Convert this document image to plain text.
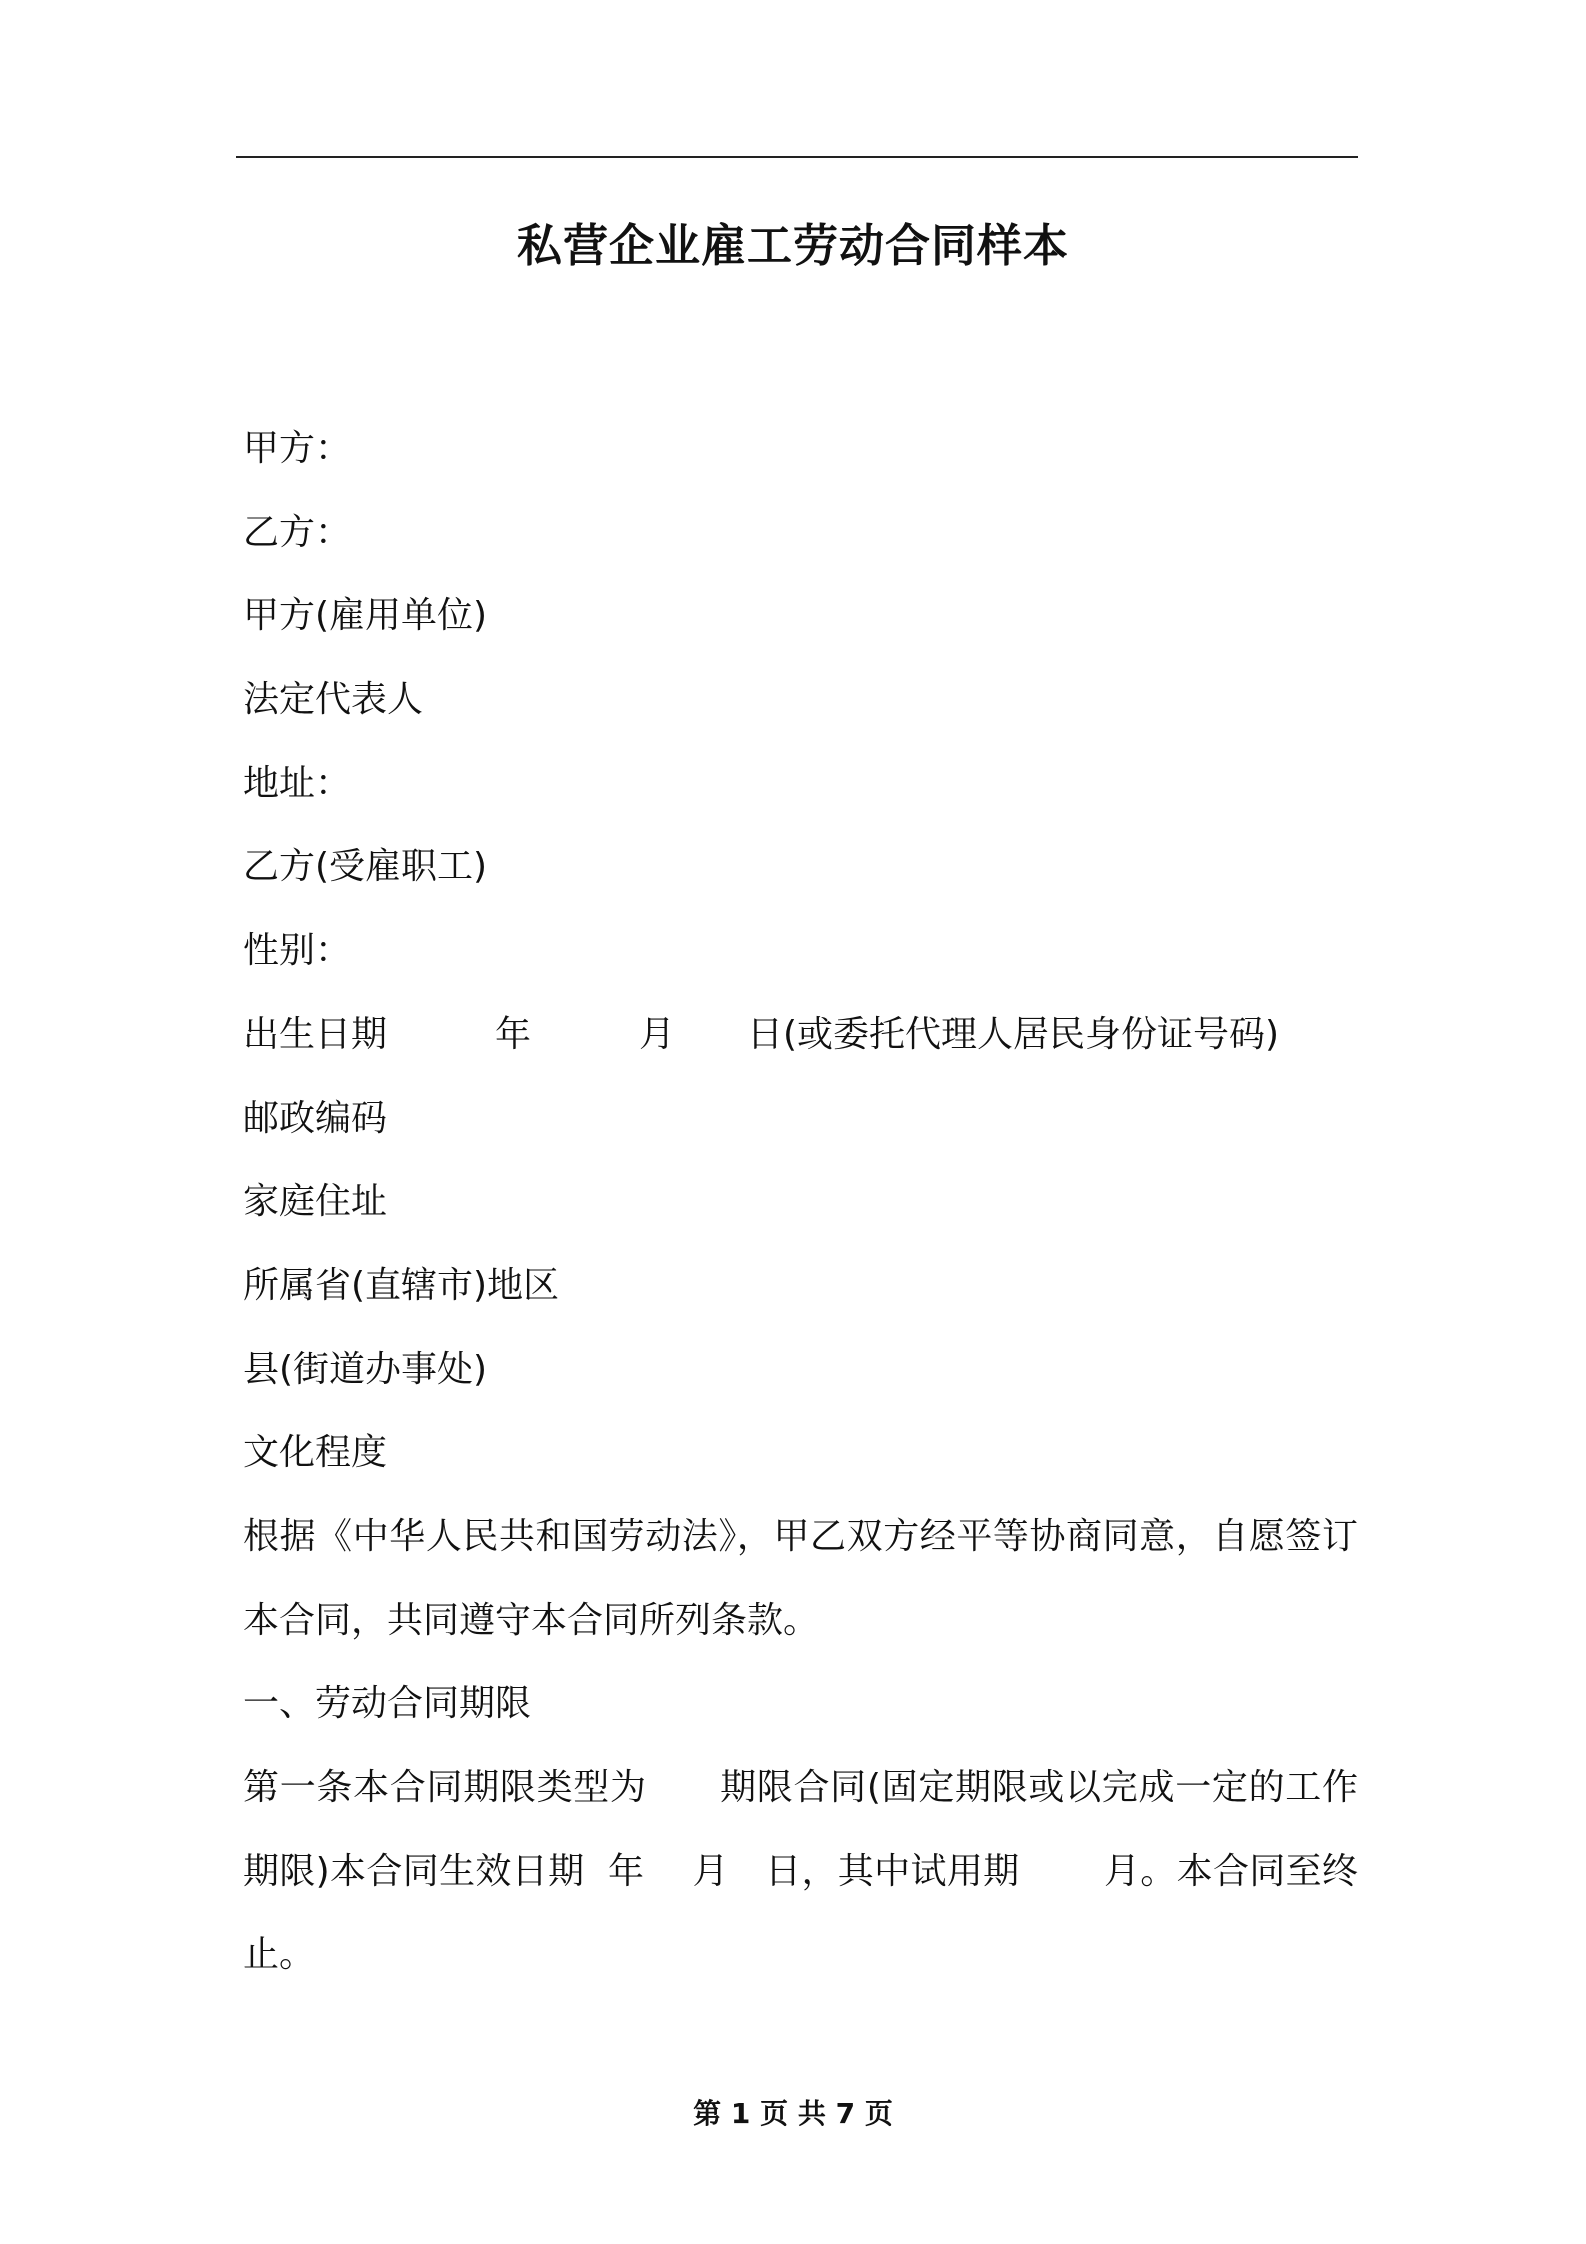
私营企业雇工劳动合同样本
甲方：
乙方：
甲方(雇用单位)
法定代表人
地址：
乙方(受雇职工)
性别：
出生日期　　　年　　　月　　日(或委托代理人居民身份证号码)
邮政编码
家庭住址
所属省(直辖市)地区
县(街道办事处)
文化程度
根据《中华人民共和国劳动法》，甲乙双方经平等协商同意，自愿签订本合同，共同遵守本合同所列条款。
一、劳动合同期限
第一条本合同期限类型为　　期限合同(固定期限或以完成一定的工作期限)本合同生效日期  年　 月　日，其中试用期　　 月。本合同至终止。
第 1 页 共 7 页
